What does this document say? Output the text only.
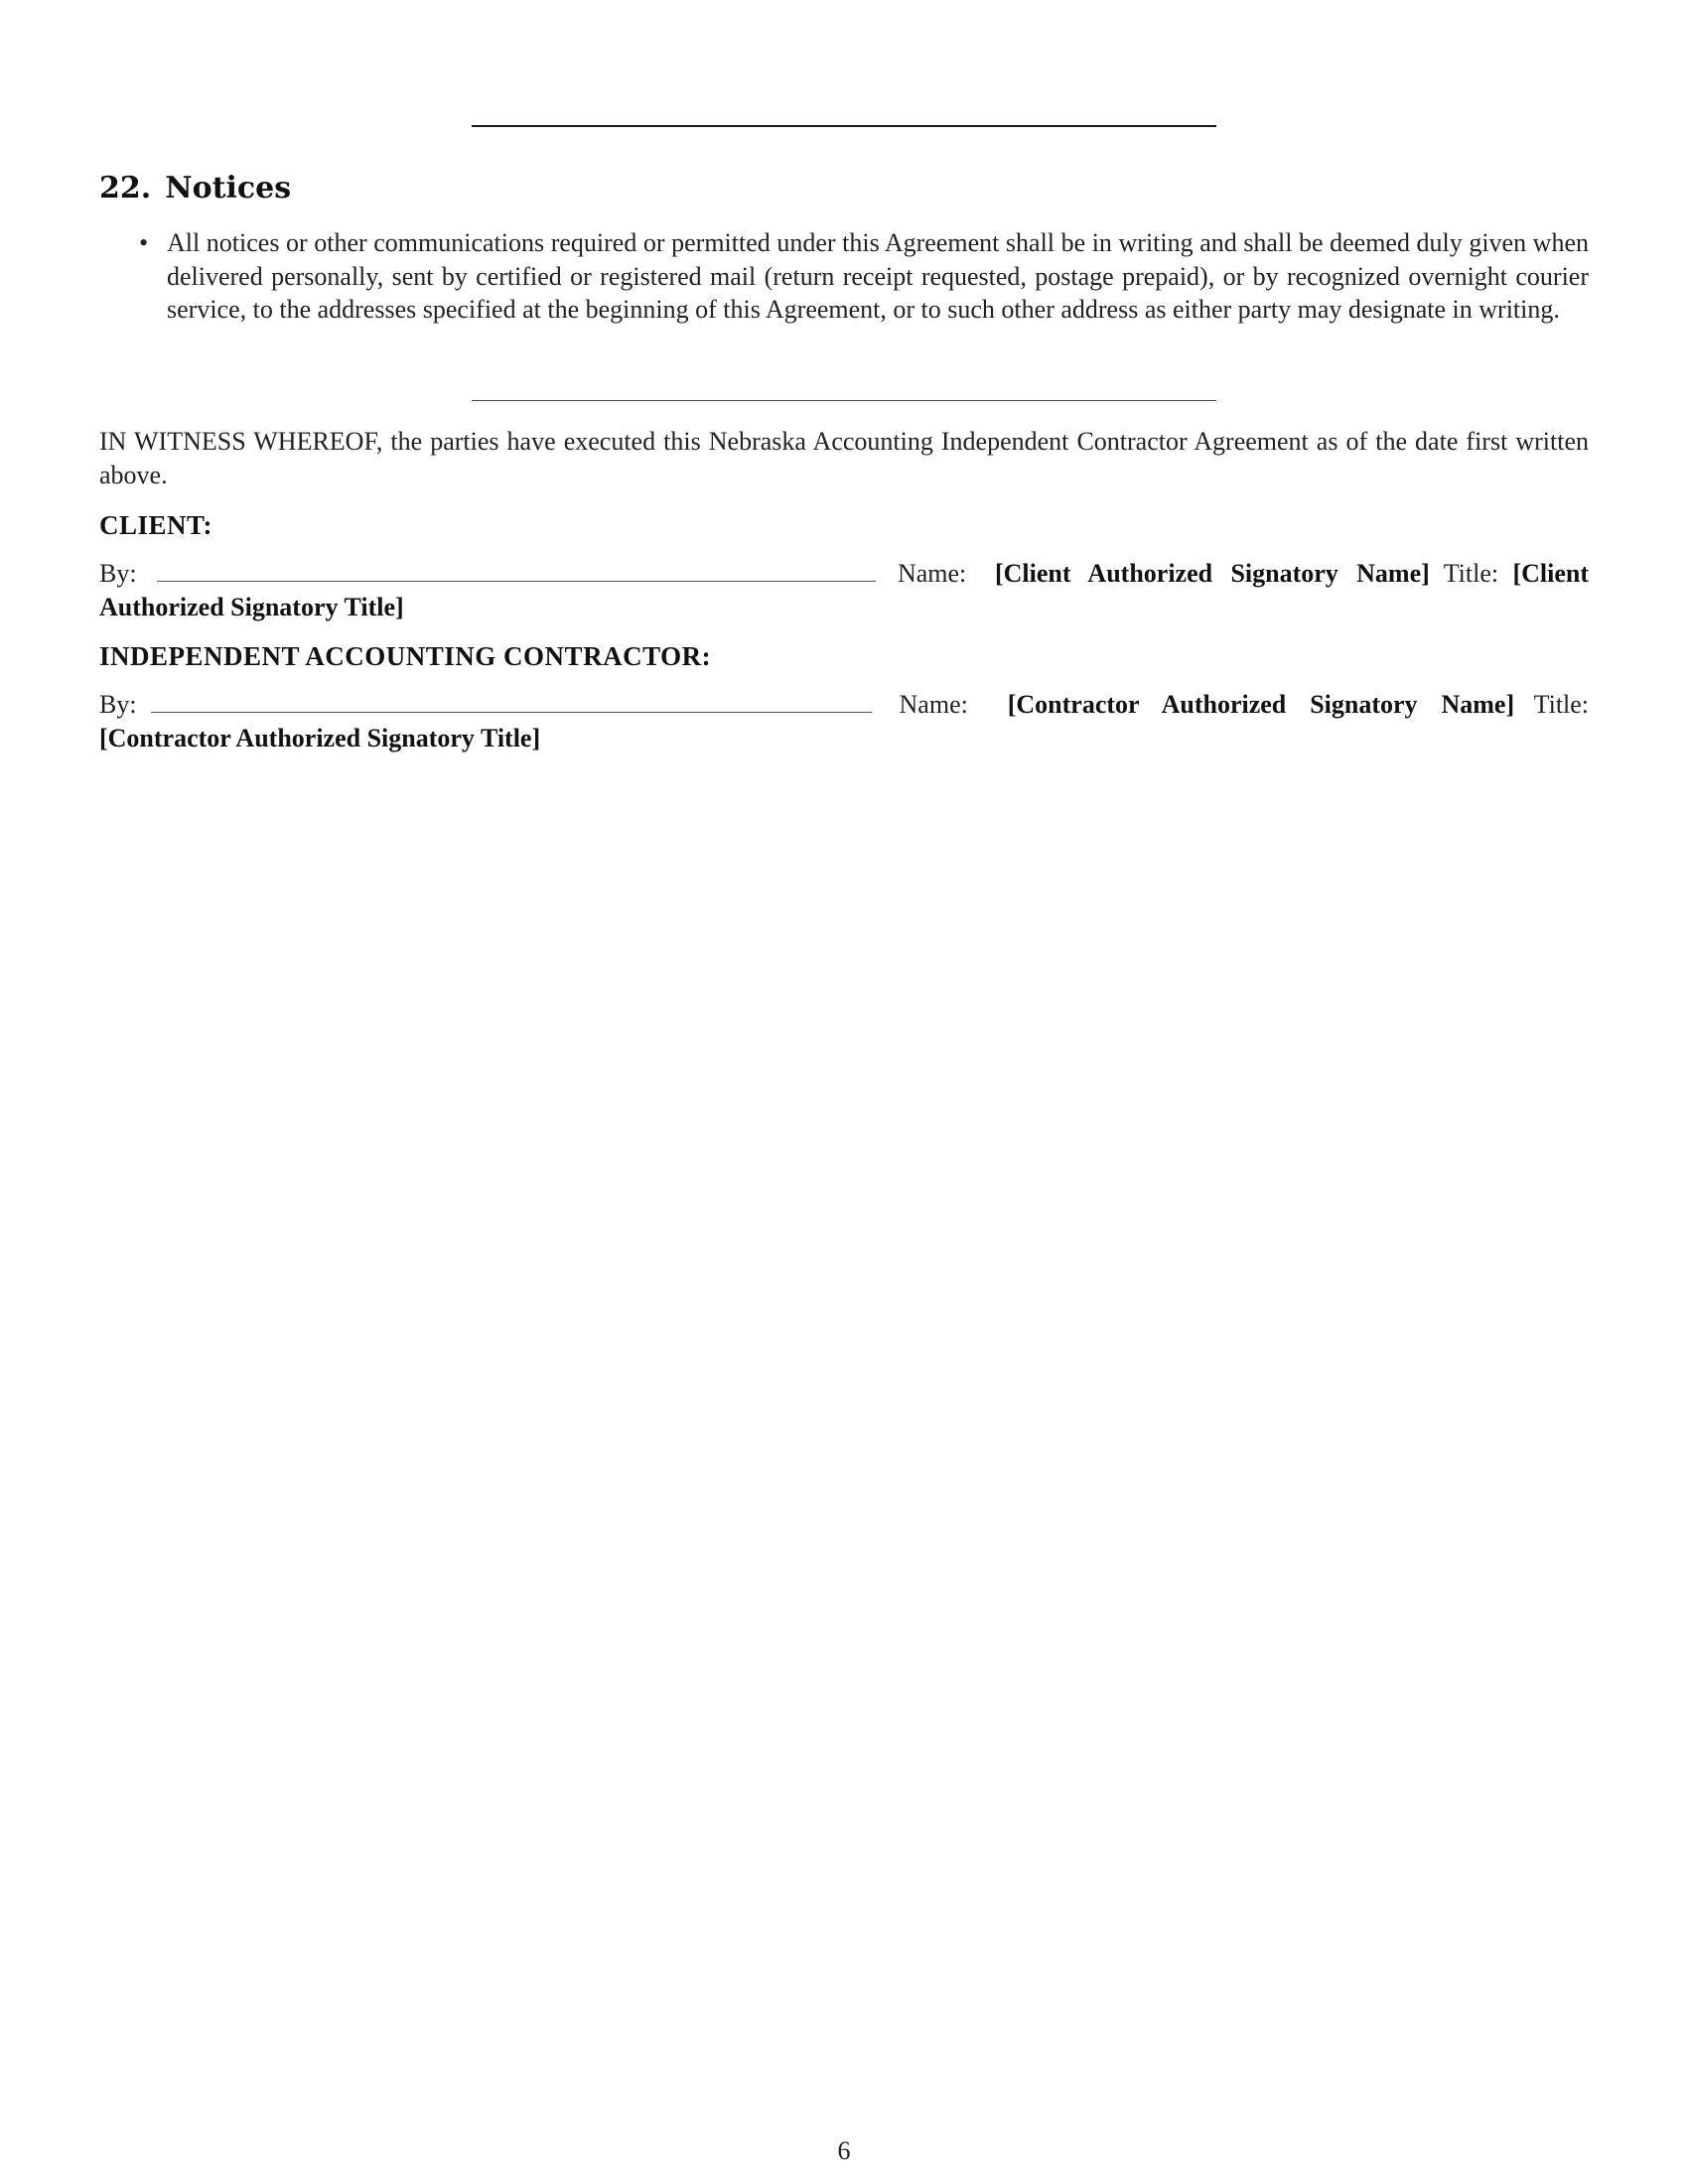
22. Notices
• All notices or other communications required or permitted under this Agreement shall be in writing and shall be deemed duly given when delivered personally, sent by certified or registered mail (return receipt requested, postage prepaid), or by recognized overnight courier service, to the addresses specified at the beginning of this Agreement, or to such other address as either party may designate in writing.

IN WITNESS WHEREOF, the parties have executed this Nebraska Accounting Independent Contractor Agreement as of the date first written above.

CLIENT:

By:	Name: [Client Authorized Signatory Name] Title: [Client Authorized Signatory Title]

INDEPENDENT ACCOUNTING CONTRACTOR:

By:	Name: [Contractor Authorized Signatory Name] Title: [Contractor Authorized Signatory Title]
6
